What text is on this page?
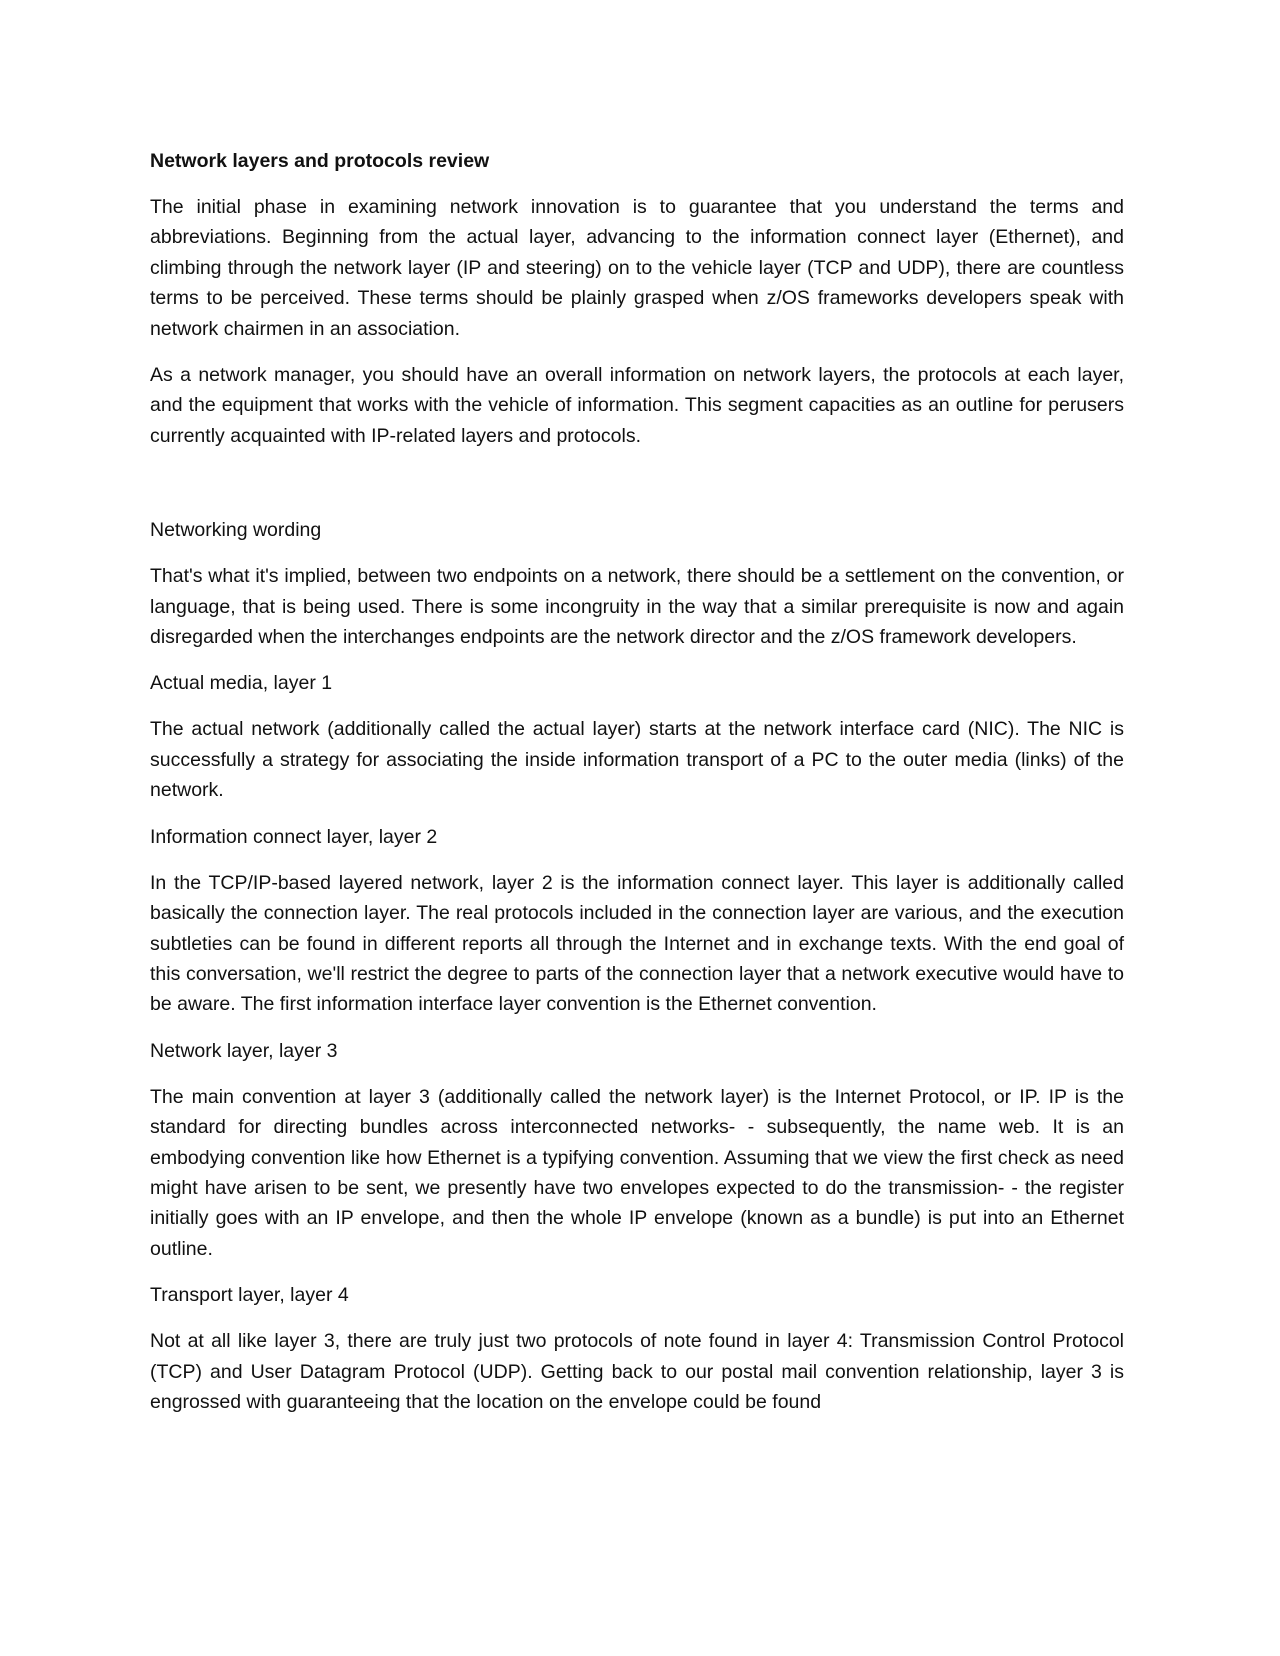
Network layers and protocols review

The initial phase in examining network innovation is to guarantee that you understand the terms and abbreviations. Beginning from the actual layer, advancing to the information connect layer (Ethernet), and climbing through the network layer (IP and steering) on to the vehicle layer (TCP and UDP), there are countless terms to be perceived. These terms should be plainly grasped when z/OS frameworks developers speak with network chairmen in an association.

As a network manager, you should have an overall information on network layers, the protocols at each layer, and the equipment that works with the vehicle of information. This segment capacities as an outline for perusers currently acquainted with IP-related layers and protocols.

Networking wording

That's what it's implied, between two endpoints on a network, there should be a settlement on the convention, or language, that is being used. There is some incongruity in the way that a similar prerequisite is now and again disregarded when the interchanges endpoints are the network director and the z/OS framework developers.

Actual media, layer 1

The actual network (additionally called the actual layer) starts at the network interface card (NIC). The NIC is successfully a strategy for associating the inside information transport of a PC to the outer media (links) of the network.

Information connect layer, layer 2

In the TCP/IP-based layered network, layer 2 is the information connect layer. This layer is additionally called basically the connection layer. The real protocols included in the connection layer are various, and the execution subtleties can be found in different reports all through the Internet and in exchange texts. With the end goal of this conversation, we'll restrict the degree to parts of the connection layer that a network executive would have to be aware. The first information interface layer convention is the Ethernet convention.

Network layer, layer 3

The main convention at layer 3 (additionally called the network layer) is the Internet Protocol, or IP. IP is the standard for directing bundles across interconnected networks- - subsequently, the name web. It is an embodying convention like how Ethernet is a typifying convention. Assuming that we view the first check as need might have arisen to be sent, we presently have two envelopes expected to do the transmission- - the register initially goes with an IP envelope, and then the whole IP envelope (known as a bundle) is put into an Ethernet outline.

Transport layer, layer 4

Not at all like layer 3, there are truly just two protocols of note found in layer 4: Transmission Control Protocol (TCP) and User Datagram Protocol (UDP). Getting back to our postal mail convention relationship, layer 3 is engrossed with guaranteeing that the location on the envelope could be found
